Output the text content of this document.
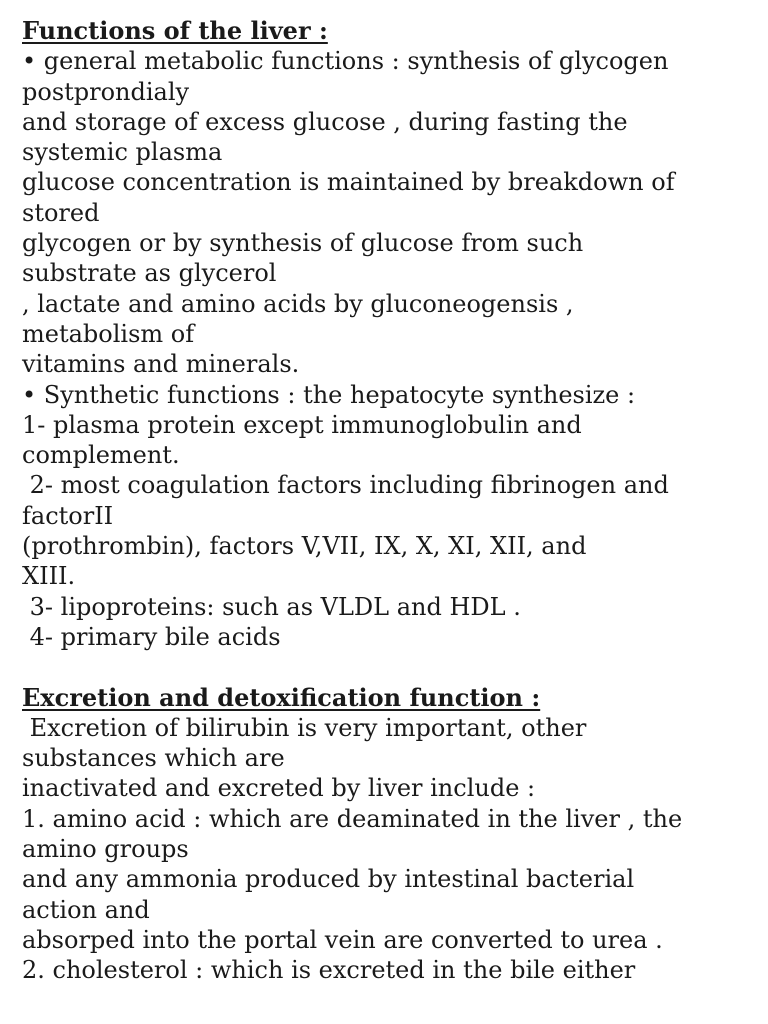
Functions of the liver :
• general metabolic functions : synthesis of glycogen
postprondialy
and storage of excess glucose , during fasting the
systemic plasma
glucose concentration is maintained by breakdown of
stored
glycogen or by synthesis of glucose from such
substrate as glycerol
, lactate and amino acids by gluconeogensis ,
metabolism of
vitamins and minerals.
• Synthetic functions : the hepatocyte synthesize :
1- plasma protein except immunoglobulin and
complement.
2- most coagulation factors including fibrinogen and
factorII
(prothrombin), factors V,VII, IX, X, XI, XII, and
XIII.
3- lipoproteins: such as VLDL and HDL .
4- primary bile acids
Excretion and detoxification function :
Excretion of bilirubin is very important, other
substances which are
inactivated and excreted by liver include :
1. amino acid : which are deaminated in the liver , the
amino groups
and any ammonia produced by intestinal bacterial
action and
absorped into the portal vein are converted to urea .
2. cholesterol : which is excreted in the bile either
